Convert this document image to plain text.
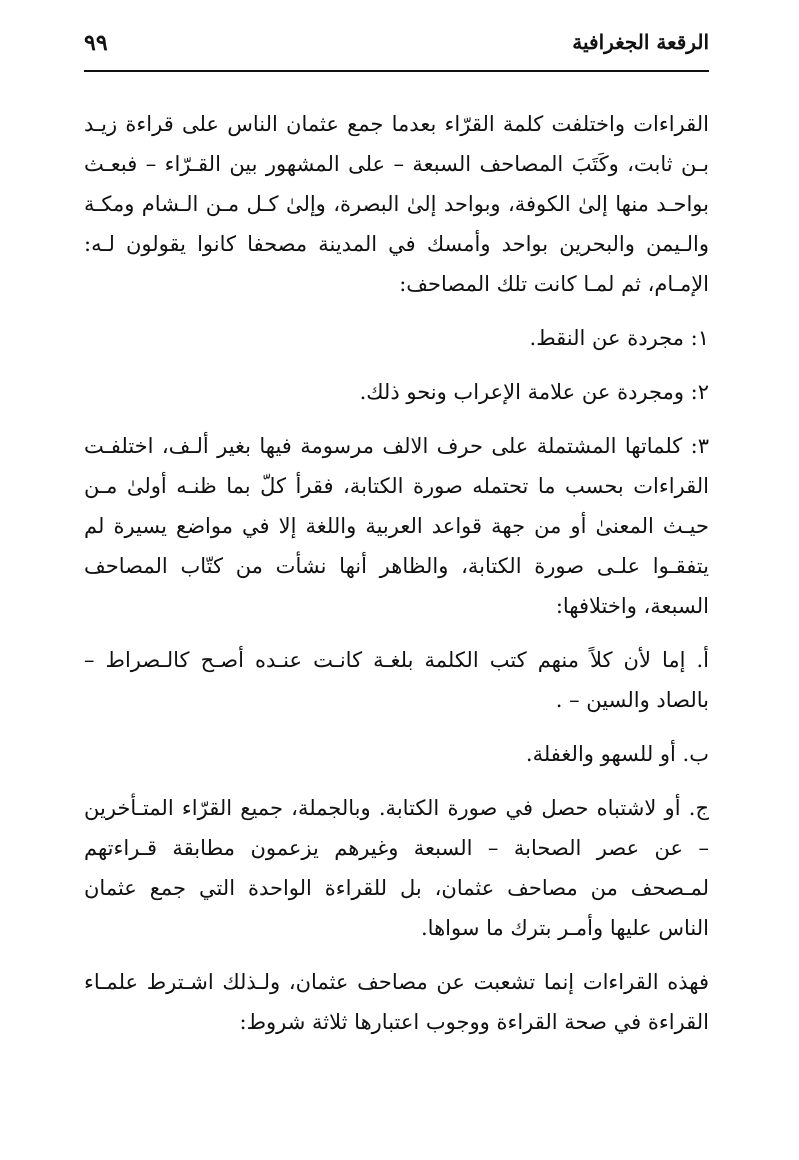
الرقعة الجغرافية
٩٩

القراءات واختلفت كلمة القرّاء بعدما جمع عثمان الناس على قراءة زيـد بـن ثابت، وكَتَبَ المصاحف السبعة – على المشهور بين القـرّاء – فبعـث بواحـد منها إلىٰ الكوفة، وبواحد إلىٰ البصرة، وإلىٰ كـل مـن الـشام ومكـة والـيمن والبحرين بواحد وأمسك في المدينة مصحفا كانوا يقولون لـه: الإمـام، ثم لمـا كانت تلك المصاحف:

١: مجردة عن النقط.

٢: ومجردة عن علامة الإعراب ونحو ذلك.

٣: كلماتها المشتملة على حرف الالف مرسومة فيها بغير ألـف، اختلفـت القراءات بحسب ما تحتمله صورة الكتابة، فقرأ كلّ بما ظنـه أولىٰ مـن حيـث المعنىٰ أو من جهة قواعد العربية واللغة إلا في مواضع يسيرة لم يتفقـوا علـى صورة الكتابة، والظاهر أنها نشأت من كتّاب المصاحف السبعة، واختلافها:

أ. إما لأن كلاً منهم كتب الكلمة بلغـة كانـت عنـده أصـح كالـصراط – بالصاد والسين – .

ب. أو للسهو والغفلة.

ج. أو لاشتباه حصل في صورة الكتابة. وبالجملة، جميع القرّاء المتـأخرين – عن عصر الصحابة – السبعة وغيرهم يزعمون مطابقة قـراءتهم لمـصحف من مصاحف عثمان، بل للقراءة الواحدة التي جمع عثمان الناس عليها وأمـر بترك ما سواها.

فهذه القراءات إنما تشعبت عن مصاحف عثمان، ولـذلك اشـترط علمـاء القراءة في صحة القراءة ووجوب اعتبارها ثلاثة شروط:
